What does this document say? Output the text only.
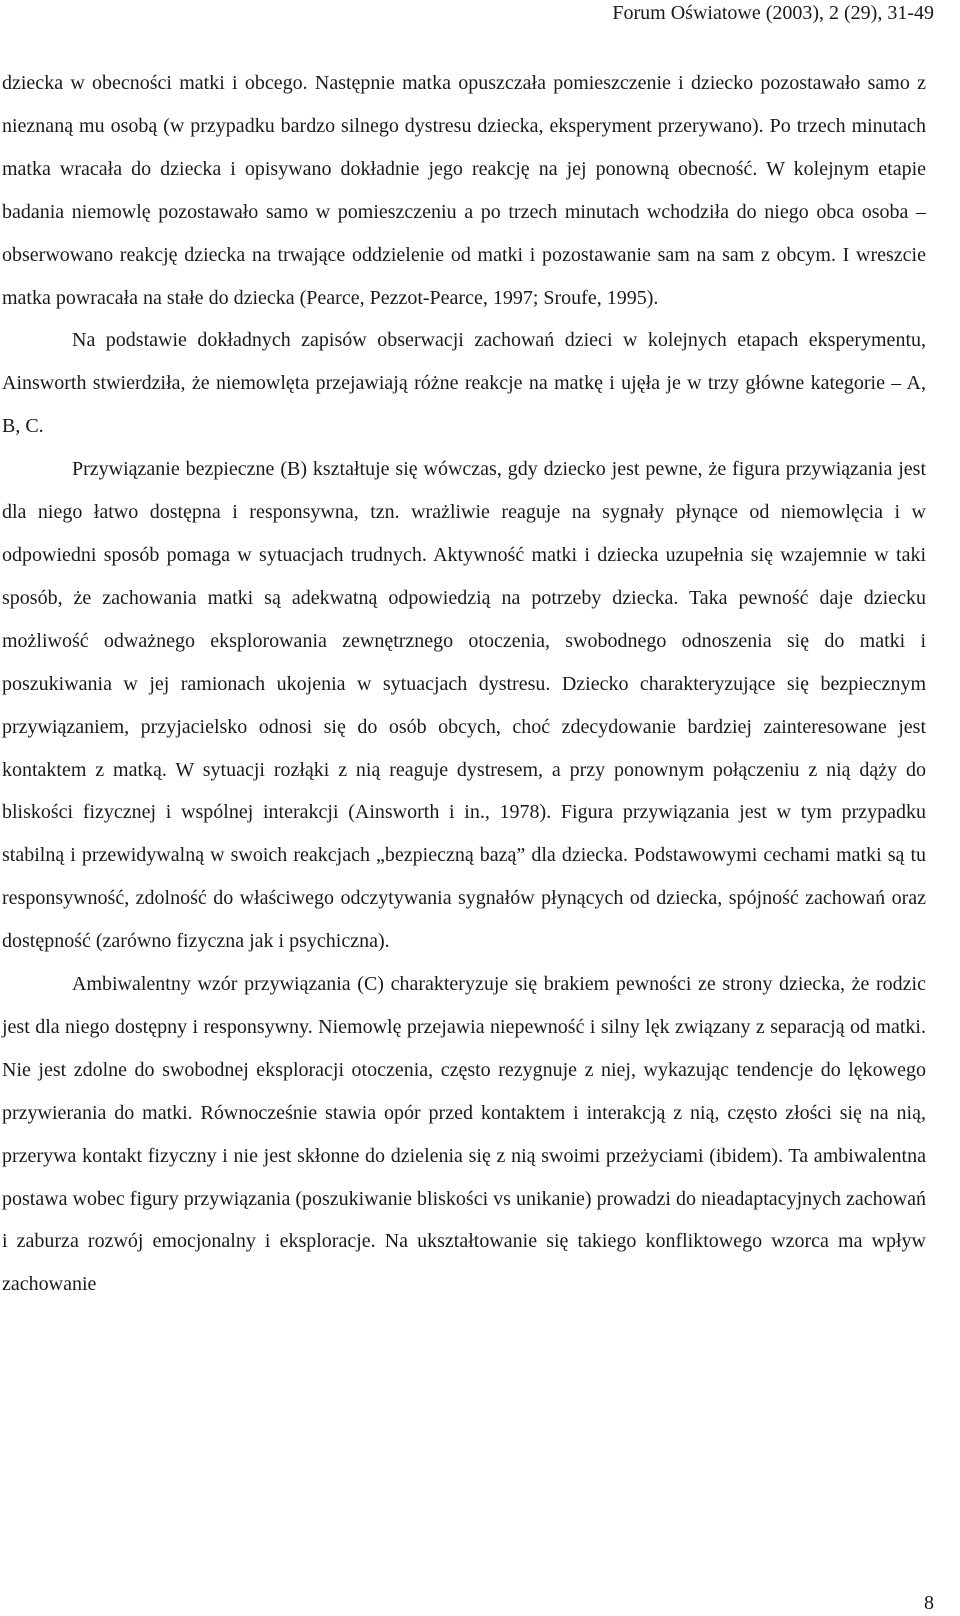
Forum Oświatowe (2003), 2 (29), 31-49

dziecka w obecności matki i obcego. Następnie matka opuszczała pomieszczenie i dziecko pozostawało samo z nieznaną mu osobą (w przypadku bardzo silnego dystresu dziecka, eksperyment przerywano). Po trzech minutach matka wracała do dziecka i opisywano dokładnie jego reakcję na jej ponowną obecność. W kolejnym etapie badania niemowlę pozostawało samo w pomieszczeniu a po trzech minutach wchodziła do niego obca osoba – obserwowano reakcję dziecka na trwające oddzielenie od matki i pozostawanie sam na sam z obcym. I wreszcie matka powracała na stałe do dziecka (Pearce, Pezzot-Pearce, 1997; Sroufe, 1995).

Na podstawie dokładnych zapisów obserwacji zachowań dzieci w kolejnych etapach eksperymentu, Ainsworth stwierdziła, że niemowlęta przejawiają różne reakcje na matkę i ujęła je w trzy główne kategorie – A, B, C.

Przywiązanie bezpieczne (B) kształtuje się wówczas, gdy dziecko jest pewne, że figura przywiązania jest dla niego łatwo dostępna i responsywna, tzn. wrażliwie reaguje na sygnały płynące od niemowlęcia i w odpowiedni sposób pomaga w sytuacjach trudnych. Aktywność matki i dziecka uzupełnia się wzajemnie w taki sposób, że zachowania matki są adekwatną odpowiedzią na potrzeby dziecka. Taka pewność daje dziecku możliwość odważnego eksplorowania zewnętrznego otoczenia, swobodnego odnoszenia się do matki i poszukiwania w jej ramionach ukojenia w sytuacjach dystresu. Dziecko charakteryzujące się bezpiecznym przywiązaniem, przyjacielsko odnosi się do osób obcych, choć zdecydowanie bardziej zainteresowane jest kontaktem z matką. W sytuacji rozłąki z nią reaguje dystresem, a przy ponownym połączeniu z nią dąży do bliskości fizycznej i wspólnej interakcji (Ainsworth i in., 1978). Figura przywiązania jest w tym przypadku stabilną i przewidywalną w swoich reakcjach „bezpieczną bazą” dla dziecka. Podstawowymi cechami matki są tu responsywność, zdolność do właściwego odczytywania sygnałów płynących od dziecka, spójność zachowań oraz dostępność (zarówno fizyczna jak i psychiczna).

Ambiwalentny wzór przywiązania (C) charakteryzuje się brakiem pewności ze strony dziecka, że rodzic jest dla niego dostępny i responsywny. Niemowlę przejawia niepewność i silny lęk związany z separacją od matki. Nie jest zdolne do swobodnej eksploracji otoczenia, często rezygnuje z niej, wykazując tendencje do lękowego przywierania do matki. Równocześnie stawia opór przed kontaktem i interakcją z nią, często złości się na nią, przerywa kontakt fizyczny i nie jest skłonne do dzielenia się z nią swoimi przeżyciami (ibidem). Ta ambiwalentna postawa wobec figury przywiązania (poszukiwanie bliskości vs unikanie) prowadzi do nieadaptacyjnych zachowań i zaburza rozwój emocjonalny i eksploracje. Na ukształtowanie się takiego konfliktowego wzorca ma wpływ zachowanie

8
